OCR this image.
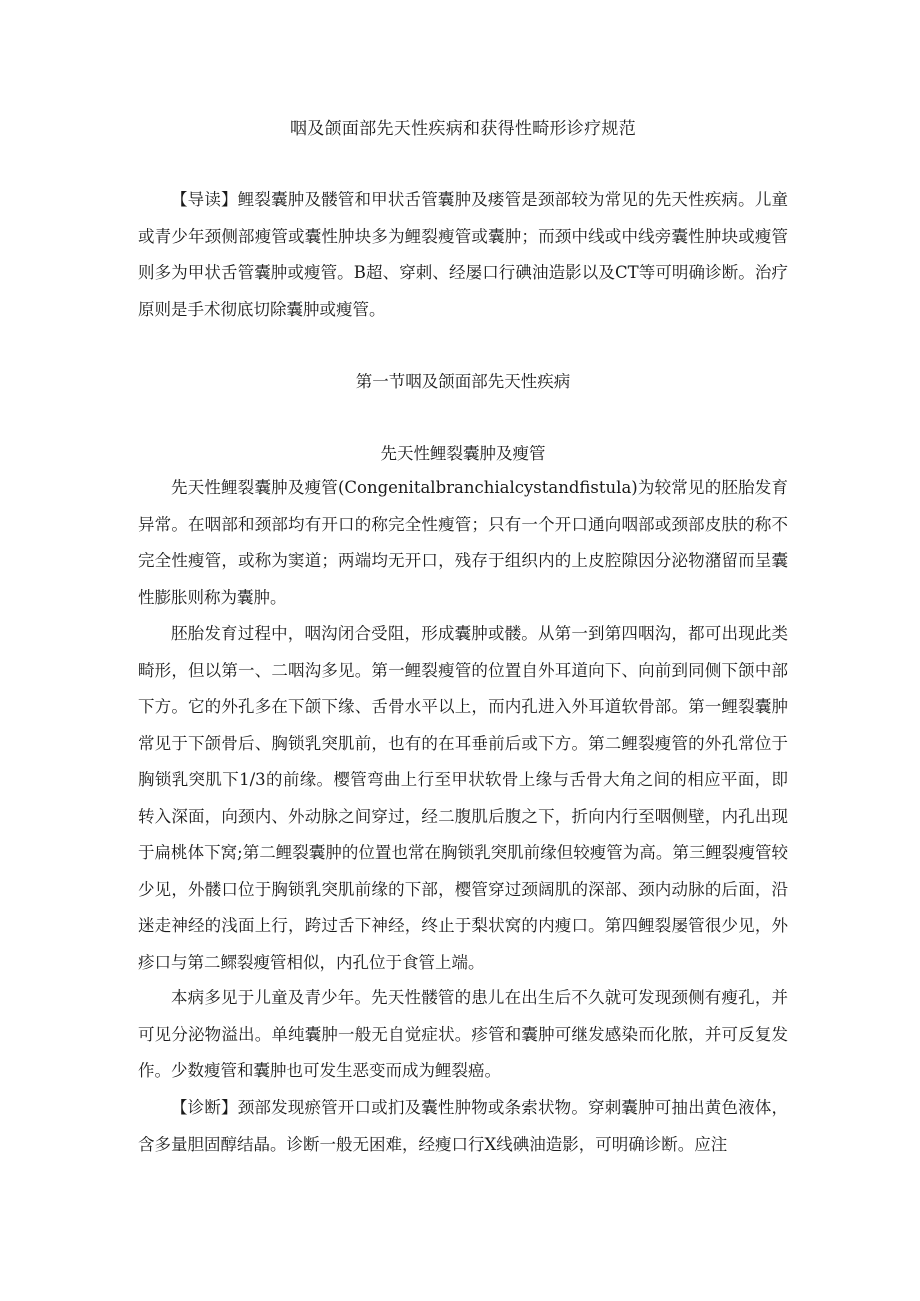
咽及颌面部先天性疾病和获得性畸形诊疗规范

【导读】鲤裂囊肿及髅管和甲状舌管囊肿及瘘管是颈部较为常见的先天性疾病。儿童或青少年颈侧部瘦管或囊性肿块多为鲤裂瘦管或囊肿；而颈中线或中线旁囊性肿块或瘦管则多为甲状舌管囊肿或瘦管。B超、穿刺、经屡口行碘油造影以及CT等可明确诊断。治疗原则是手术彻底切除囊肿或瘦管。

第一节咽及颌面部先天性疾病
先天性鲤裂囊肿及瘦管

先天性鲤裂囊肿及瘦管(Congenitalbranchialcystandfistula)为较常见的胚胎发育异常。在咽部和颈部均有开口的称完全性瘦管；只有一个开口通向咽部或颈部皮肤的称不完全性瘦管，或称为窦道；两端均无开口，残存于组织内的上皮腔隙因分泌物潴留而呈囊性膨胀则称为囊肿。

胚胎发育过程中，咽沟闭合受阻，形成囊肿或髅。从第一到第四咽沟，都可出现此类畸形，但以第一、二咽沟多见。第一鲤裂瘦管的位置自外耳道向下、向前到同侧下颌中部下方。它的外孔多在下颌下缘、舌骨水平以上，而内孔进入外耳道软骨部。第一鲤裂囊肿常见于下颌骨后、胸锁乳突肌前，也有的在耳垂前后或下方。第二鲤裂瘦管的外孔常位于胸锁乳突肌下1/3的前缘。樱管弯曲上行至甲状软骨上缘与舌骨大角之间的相应平面，即转入深面，向颈内、外动脉之间穿过，经二腹肌后腹之下，折向内行至咽侧壁，内孔出现于扁桃体下窝;第二鲤裂囊肿的位置也常在胸锁乳突肌前缘但较瘦管为高。第三鲤裂瘦管较少见，外髅口位于胸锁乳突肌前缘的下部，樱管穿过颈阔肌的深部、颈内动脉的后面，沿迷走神经的浅面上行，跨过舌下神经，终止于梨状窝的内瘦口。第四鲤裂屡管很少见，外疹口与第二鳏裂瘦管相似，内孔位于食管上端。

本病多见于儿童及青少年。先天性髅管的患儿在出生后不久就可发现颈侧有瘦孔，并可见分泌物溢出。单纯囊肿一般无自觉症状。疹管和囊肿可继发感染而化脓，并可反复发作。少数瘦管和囊肿也可发生恶变而成为鲤裂癌。

【诊断】颈部发现瘀管开口或扪及囊性肿物或条索状物。穿刺囊肿可抽出黄色液体，含多量胆固醇结晶。诊断一般无困难，经瘦口行X线碘油造影，可明确诊断。应注
